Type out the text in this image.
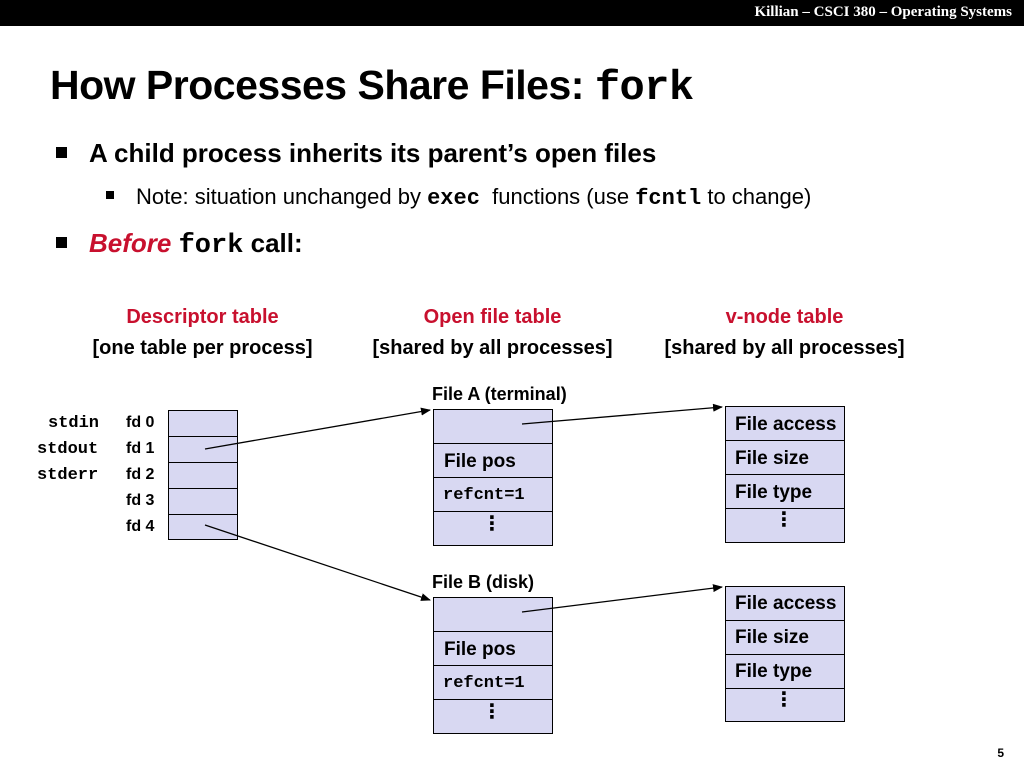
Killian – CSCI 380 – Operating Systems
How Processes Share Files: fork
A child process inherits its parent’s open files
Note: situation unchanged by exec  functions (use fcntl to change)
Before fork call:
Descriptor table
[one table per process]
Open file table
[shared by all processes]
v-node table
[shared by all processes]
stdin
stdout
stderr
fd 0
fd 1
fd 2
fd 3
fd 4
File A (terminal)
File pos
refcnt=1
⋮
File B (disk)
File pos
refcnt=1
⋮
File access
File size
File type
⋮
File access
File size
File type
⋮
5
